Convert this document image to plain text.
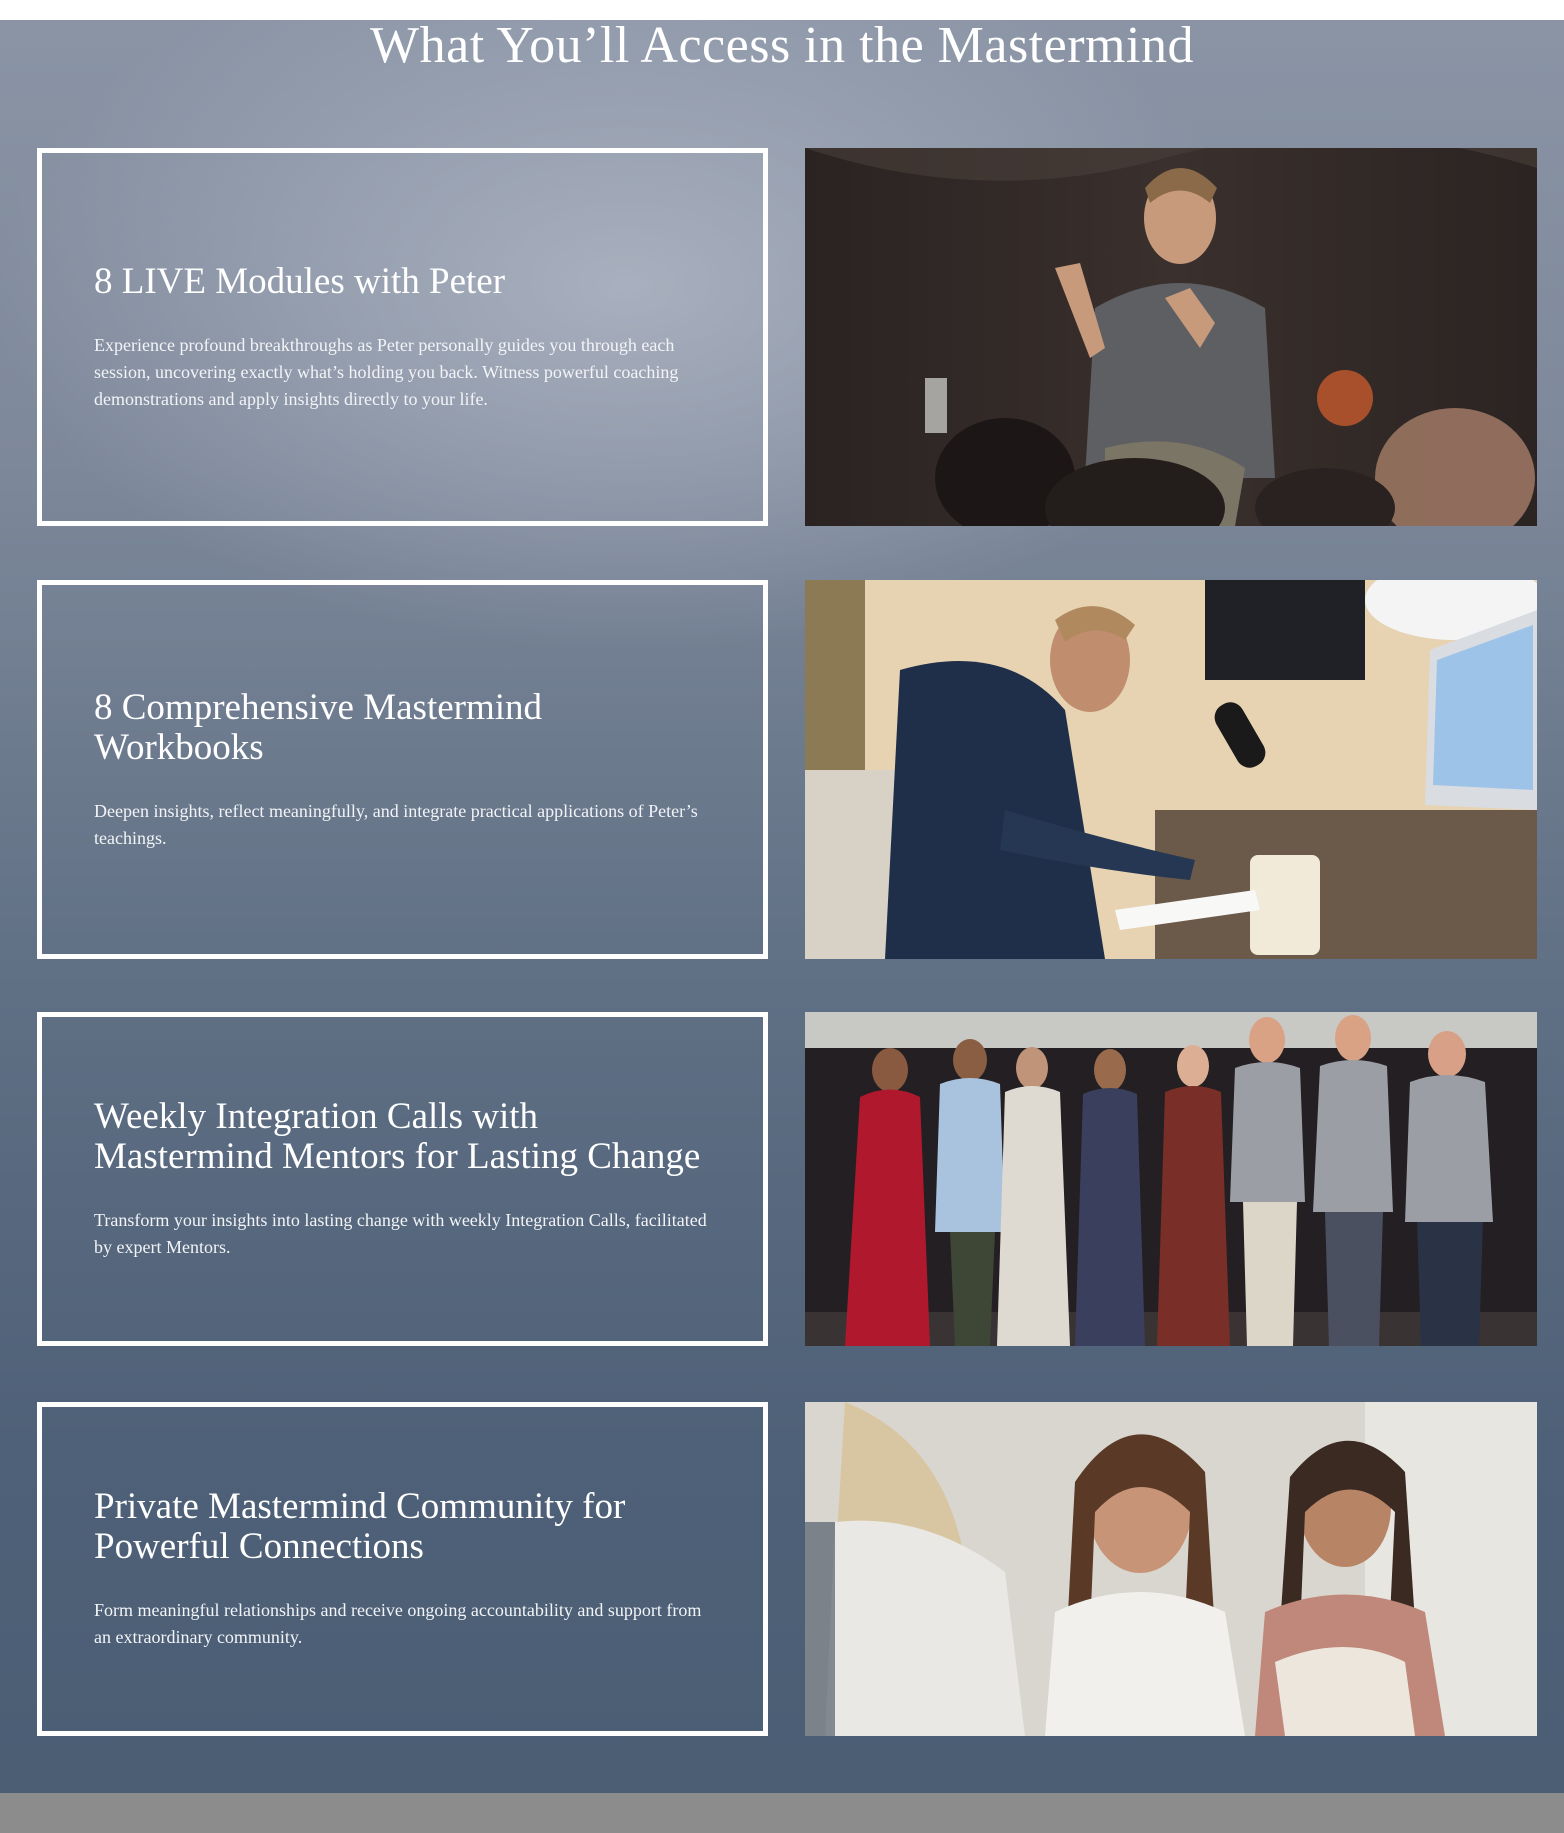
What You’ll Access in the Mastermind
8 LIVE Modules with Peter

Experience profound breakthroughs as Peter personally guides you through each session, uncovering exactly what’s holding you back. Witness powerful coaching demonstrations and apply insights directly to your life.

8 Comprehensive Mastermind Workbooks

Deepen insights, reflect meaningfully, and integrate practical applications of Peter’s teachings.

Weekly Integration Calls with Mastermind Mentors for Lasting Change

Transform your insights into lasting change with weekly Integration Calls, facilitated by expert Mentors.

Private Mastermind Community for Powerful Connections

Form meaningful relationships and receive ongoing accountability and support from an extraordinary community.
